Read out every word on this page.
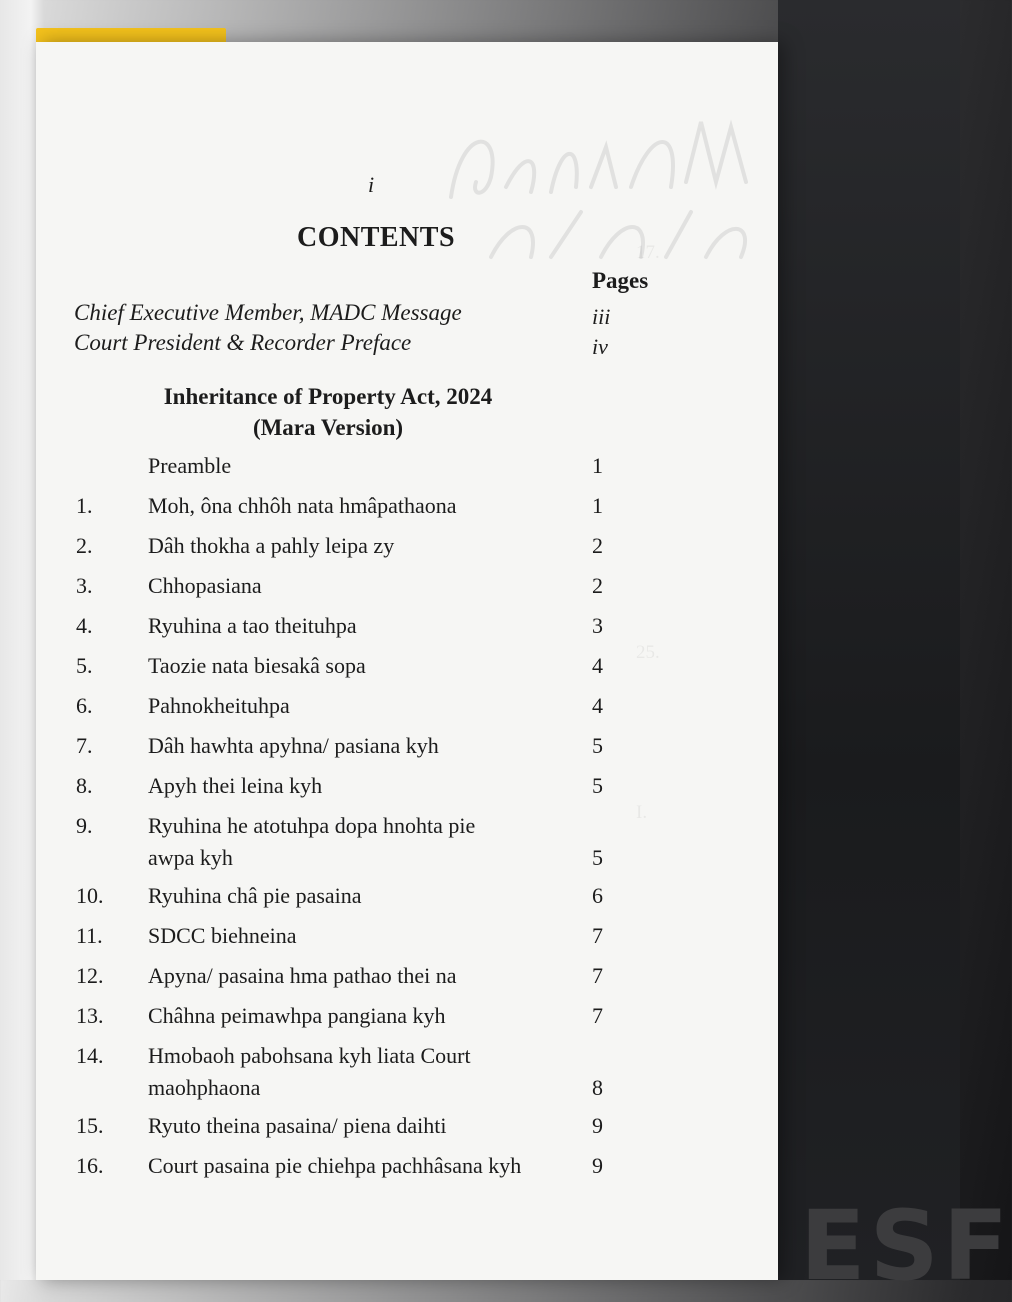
ESF
17.
25.
I.
i
CONTENTS
Pages
Chief Executive Member, MADC Message	iii
Court President & Recorder Preface	iv
Inheritance of Property Act, 2024
(Mara Version)
Preamble	1
1.	Moh, ôna chhôh nata hmâpathaona	1
2.	Dâh thokha a pahly leipa zy	2
3.	Chhopasiana	2
4.	Ryuhina a tao theituhpa	3
5.	Taozie nata biesakâ sopa	4
6.	Pahnokheituhpa	4
7.	Dâh hawhta apyhna/ pasiana kyh	5
8.	Apyh thei leina kyh	5
9.	Ryuhina he atotuhpa dopa hnohta pie
awpa kyh	5
10. Ryuhina châ pie pasaina	6
11. SDCC biehneina	7
12. Apyna/ pasaina hma pathao thei na	7
13. Châhna peimawhpa pangiana kyh	7
14. Hmobaoh pabohsana kyh liata Court
maohphaona	8
15. Ryuto theina pasaina/ piena daihti	9
16. Court pasaina pie chiehpa pachhâsana kyh	9
